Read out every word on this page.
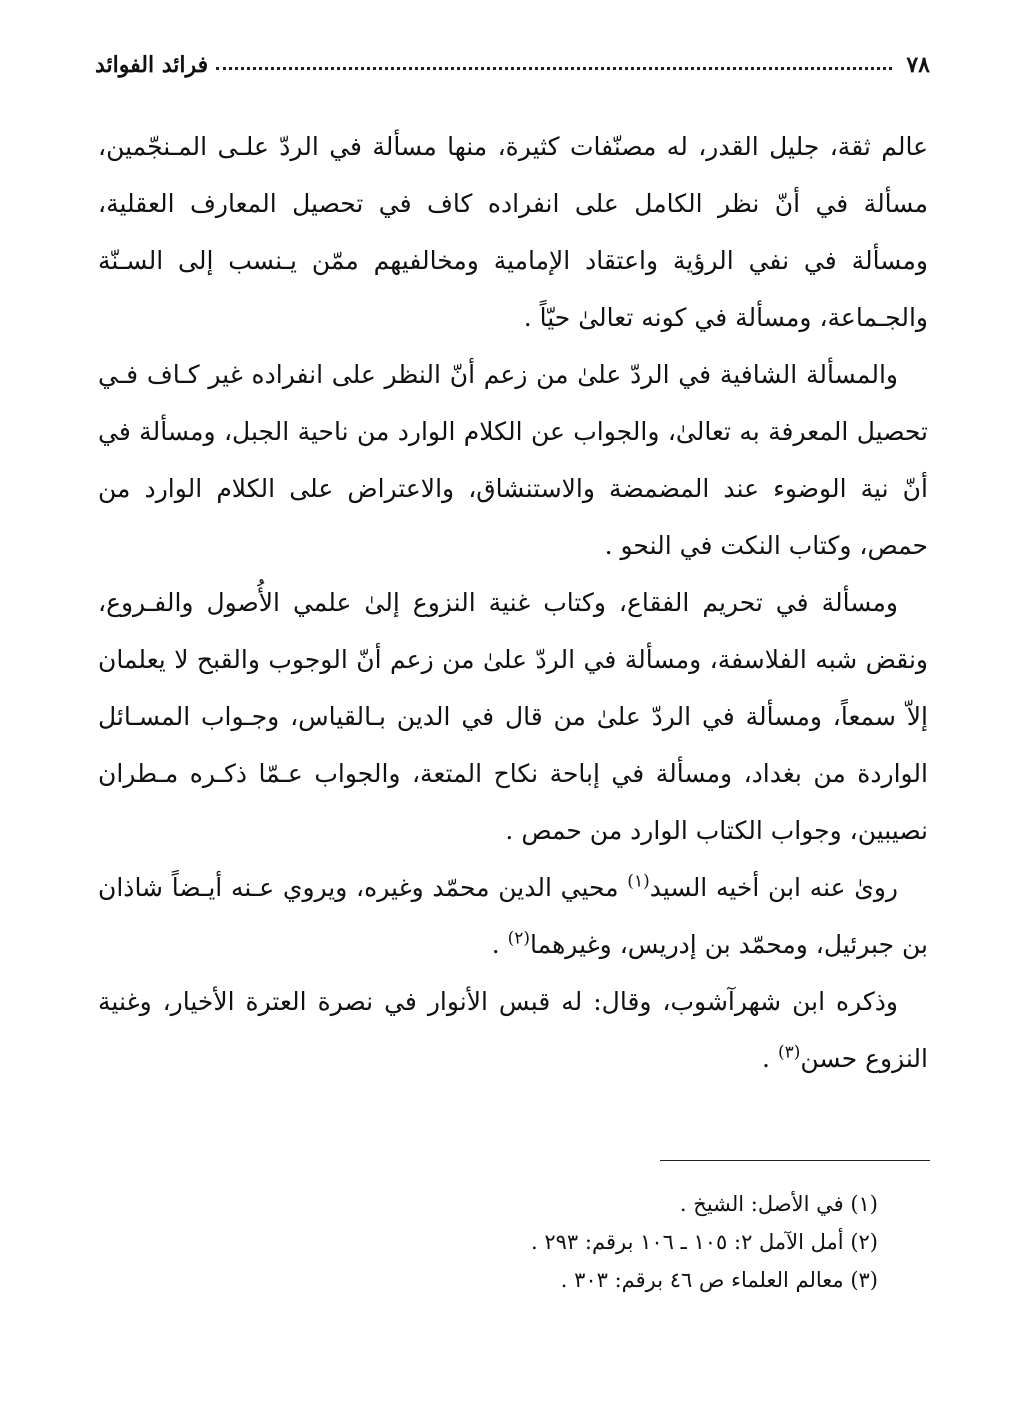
٧٨
فرائد الفوائد

عالم ثقة، جليل القدر، له مصنّفات كثيرة، منها مسألة في الردّ علـى المـنجّمين، مسألة في أنّ نظر الكامل على انفراده كاف في تحصيل المعارف العقلية، ومسألة في نفي الرؤية واعتقاد الإمامية ومخالفيهم ممّن يـنسب إلى السـنّة والجـماعة، ومسألة في كونه تعالىٰ حيّاً .

والمسألة الشافية في الردّ علىٰ من زعم أنّ النظر على انفراده غير كـاف فـي تحصيل المعرفة به تعالىٰ، والجواب عن الكلام الوارد من ناحية الجبل، ومسألة في أنّ نية الوضوء عند المضمضة والاستنشاق، والاعتراض على الكلام الوارد من حمص، وكتاب النكت في النحو .

ومسألة في تحريم الفقاع، وكتاب غنية النزوع إلىٰ علمي الأُصول والفـروع، ونقض شبه الفلاسفة، ومسألة في الردّ علىٰ من زعم أنّ الوجوب والقبح لا يعلمان إلاّ سمعاً، ومسألة في الردّ علىٰ من قال في الدين بـالقياس، وجـواب المسـائل الواردة من بغداد، ومسألة في إباحة نكاح المتعة، والجواب عـمّا ذكـره مـطران نصيبين، وجواب الكتاب الوارد من حمص .

روىٰ عنه ابن أخيه السيد$^{(١)}$ محيي الدين محمّد وغيره، ويروي عـنه أيـضاً شاذان بن جبرئيل، ومحمّد بن إدريس، وغيرهما$^{(٢)}$ .

وذكره ابن شهرآشوب، وقال: له قبس الأنوار في نصرة العترة الأخيار، وغنية النزوع حسن$^{(٣)}$ .

(١) في الأصل: الشيخ .
(٢) أمل الآمل ٢: ١٠٥ ـ ١٠٦ برقم: ٢٩٣ .
(٣) معالم العلماء ص ٤٦ برقم: ٣٠٣ .
